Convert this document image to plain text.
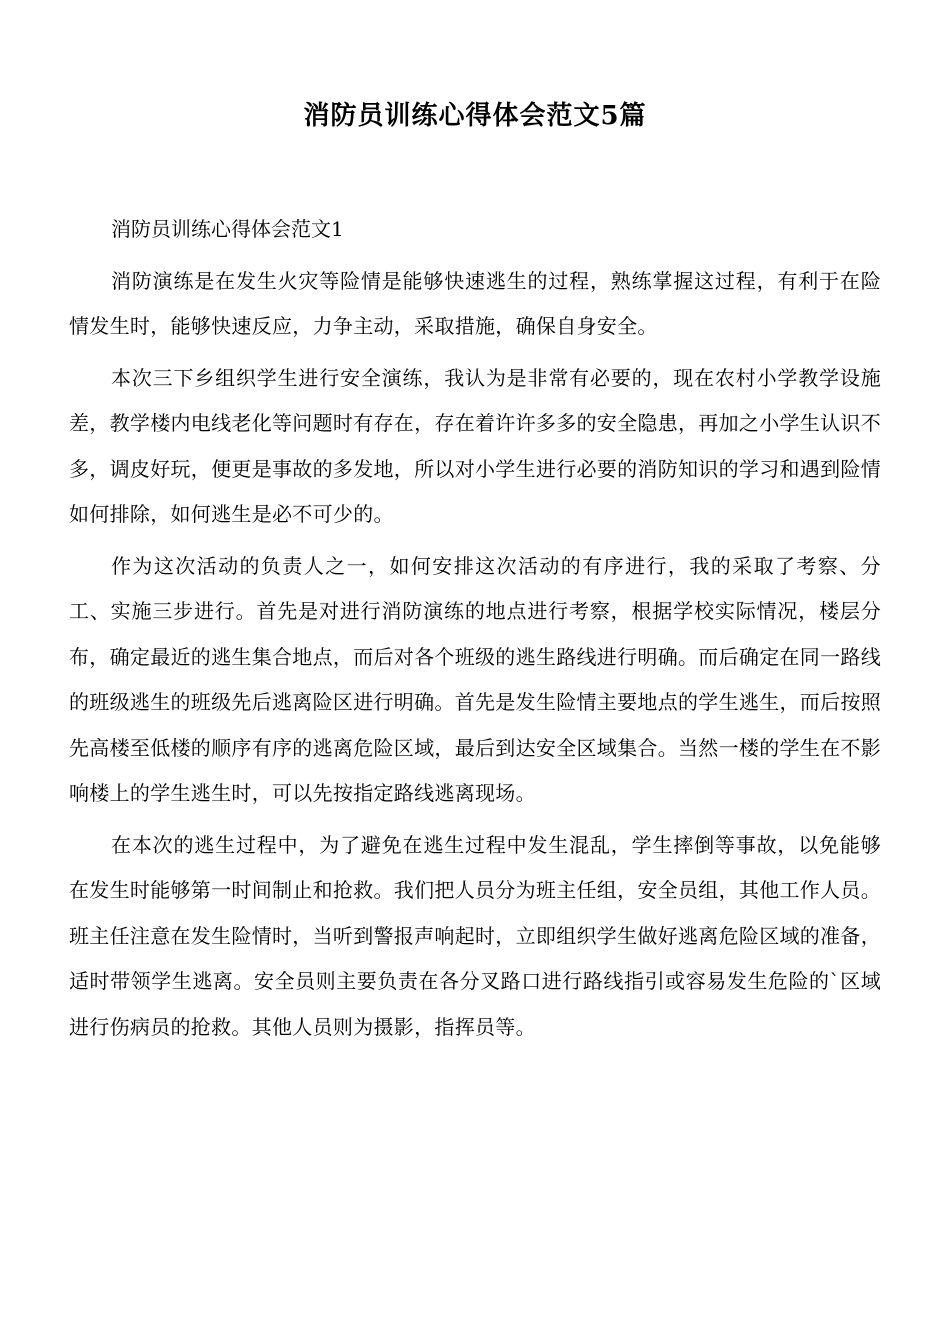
消防员训练心得体会范文5篇

消防员训练心得体会范文1

消防演练是在发生火灾等险情是能够快速逃生的过程，熟练掌握这过程，有利于在险情发生时，能够快速反应，力争主动，采取措施，确保自身安全。

本次三下乡组织学生进行安全演练，我认为是非常有必要的，现在农村小学教学设施差，教学楼内电线老化等问题时有存在，存在着许许多多的安全隐患，再加之小学生认识不多，调皮好玩，便更是事故的多发地，所以对小学生进行必要的消防知识的学习和遇到险情如何排除，如何逃生是必不可少的。

作为这次活动的负责人之一，如何安排这次活动的有序进行，我的采取了考察、分工、实施三步进行。首先是对进行消防演练的地点进行考察，根据学校实际情况，楼层分布，确定最近的逃生集合地点，而后对各个班级的逃生路线进行明确。而后确定在同一路线的班级逃生的班级先后逃离险区进行明确。首先是发生险情主要地点的学生逃生，而后按照先高楼至低楼的顺序有序的逃离危险区域，最后到达安全区域集合。当然一楼的学生在不影响楼上的学生逃生时，可以先按指定路线逃离现场。

在本次的逃生过程中，为了避免在逃生过程中发生混乱，学生摔倒等事故，以免能够在发生时能够第一时间制止和抢救。我们把人员分为班主任组，安全员组，其他工作人员。班主任注意在发生险情时，当听到警报声响起时，立即组织学生做好逃离危险区域的准备，适时带领学生逃离。安全员则主要负责在各分叉路口进行路线指引或容易发生危险的`区域进行伤病员的抢救。其他人员则为摄影，指挥员等。
